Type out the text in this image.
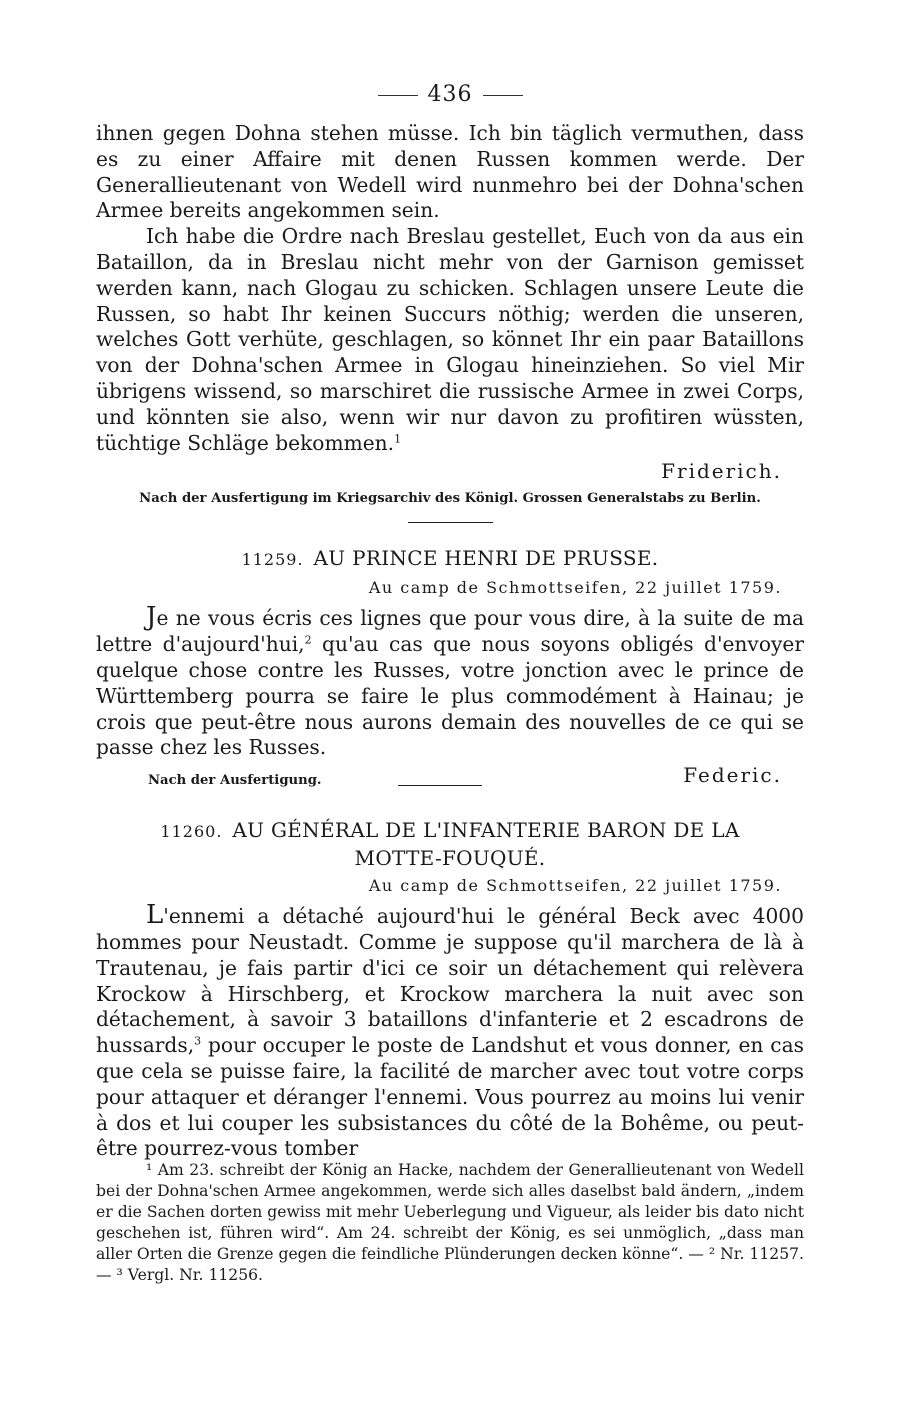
436

ihnen gegen Dohna stehen müsse. Ich bin täglich vermuthen, dass es zu einer Affaire mit denen Russen kommen werde. Der Generallieutenant von Wedell wird nunmehro bei der Dohna'schen Armee bereits angekommen sein.

Ich habe die Ordre nach Breslau gestellet, Euch von da aus ein Bataillon, da in Breslau nicht mehr von der Garnison gemisset werden kann, nach Glogau zu schicken. Schlagen unsere Leute die Russen, so habt Ihr keinen Succurs nöthig; werden die unseren, welches Gott verhüte, geschlagen, so könnet Ihr ein paar Bataillons von der Dohna'schen Armee in Glogau hineinziehen. So viel Mir übrigens wissend, so marschiret die russische Armee in zwei Corps, und könnten sie also, wenn wir nur davon zu profitiren wüssten, tüchtige Schläge bekommen.$^1$

Friderich.
Nach der Ausfertigung im Kriegsarchiv des Königl. Grossen Generalstabs zu Berlin.
11259. AU PRINCE HENRI DE PRUSSE.
Au camp de Schmottseifen, 22 juillet 1759.

Je ne vous écris ces lignes que pour vous dire, à la suite de ma lettre d'aujourd'hui,$^2$ qu'au cas que nous soyons obligés d'envoyer quelque chose contre les Russes, votre jonction avec le prince de Württemberg pourra se faire le plus commodément à Hainau; je crois que peut-être nous aurons demain des nouvelles de ce qui se passe chez les Russes.

Nach der Ausfertigung.	Federic.
11260. AU GÉNÉRAL DE L'INFANTERIE BARON DE LA
MOTTE-FOUQUÉ.
Au camp de Schmottseifen, 22 juillet 1759.

L'ennemi a détaché aujourd'hui le général Beck avec 4000 hommes pour Neustadt. Comme je suppose qu'il marchera de là à Trautenau, je fais partir d'ici ce soir un détachement qui relèvera Krockow à Hirschberg, et Krockow marchera la nuit avec son détachement, à savoir 3 bataillons d'infanterie et 2 escadrons de hussards,$^3$ pour occuper le poste de Landshut et vous donner, en cas que cela se puisse faire, la facilité de marcher avec tout votre corps pour attaquer et déranger l'ennemi. Vous pourrez au moins lui venir à dos et lui couper les subsistances du côté de la Bohême, ou peut-être pourrez-vous tomber

¹ Am 23. schreibt der König an Hacke, nachdem der Generallieutenant von Wedell bei der Dohna'schen Armee angekommen, werde sich alles daselbst bald ändern, „indem er die Sachen dorten gewiss mit mehr Ueberlegung und Vigueur, als leider bis dato nicht geschehen ist, führen wird“. Am 24. schreibt der König, es sei unmöglich, „dass man aller Orten die Grenze gegen die feindliche Plünderungen decken könne“. — ² Nr. 11257. — ³ Vergl. Nr. 11256.
